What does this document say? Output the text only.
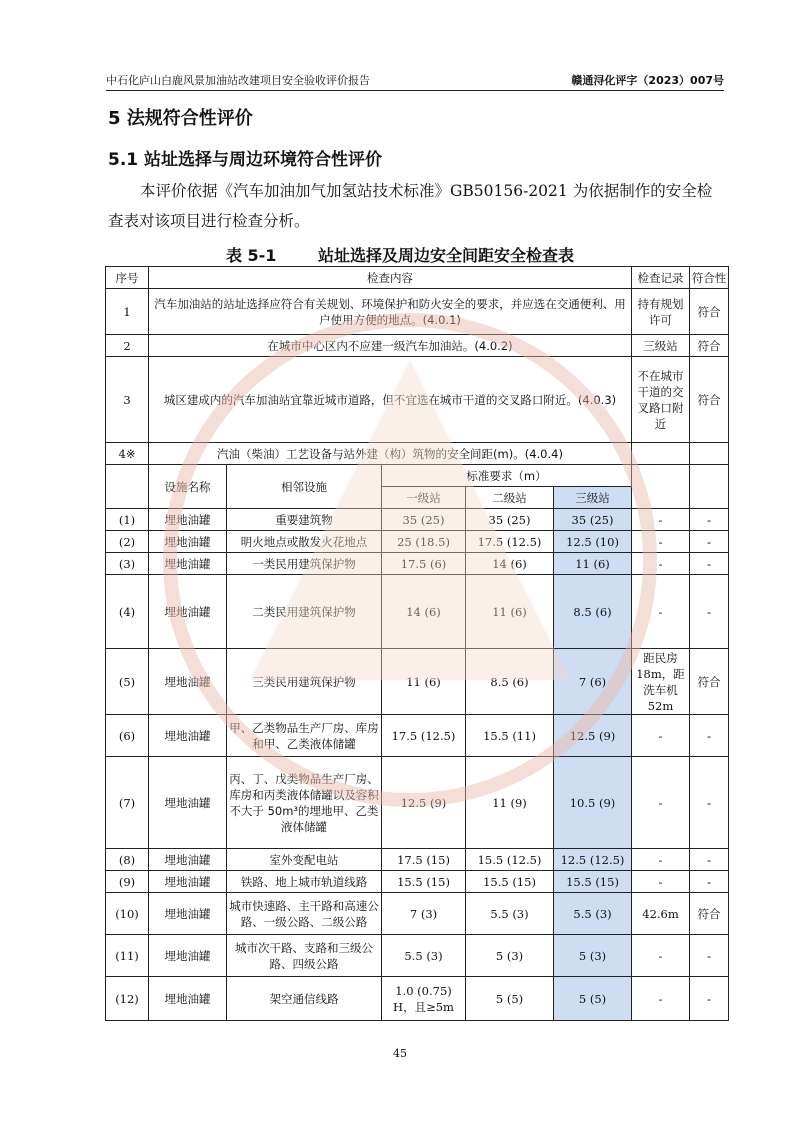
中石化庐山白鹿风景加油站改建项目安全验收评价报告	赣通浔化评字（2023）007号
5 法规符合性评价
5.1 站址选择与周边环境符合性评价
本评价依据《汽车加油加气加氢站技术标准》GB50156-2021 为依据制作的安全检查表对该项目进行检查分析。
表 5-1	站址选择及周边安全间距安全检查表
序号	检查内容					检查记录	符合性
1	汽车加油站的站址选择应符合有关规划、环境保护和防火安全的要求，并应选在交通便利、用户使用方便的地点。(4.0.1)					持有规划许可	符合
2	在城市中心区内不应建一级汽车加油站。(4.0.2)					三级站	符合
3	城区建成内的汽车加油站宜靠近城市道路，但不宜选在城市干道的交叉路口附近。(4.0.3)					不在城市干道的交叉路口附近	符合
4※	汽油（柴油）工艺设备与站外建（构）筑物的安全间距(m)。(4.0.4)						
	设施名称	相邻设施	标准要求（m）				
			一级站	二级站	三级站		
(1)	埋地油罐	重要建筑物	35 (25)	35 (25)	35 (25)	-	-
(2)	埋地油罐	明火地点或散发火花地点	25 (18.5)	17.5 (12.5)	12.5 (10)	-	-
(3)	埋地油罐	一类民用建筑保护物	17.5 (6)	14 (6)	11 (6)	-	-
(4)	埋地油罐	二类民用建筑保护物	14 (6)	11 (6)	8.5 (6)	-	-
(5)	埋地油罐	三类民用建筑保护物	11 (6)	8.5 (6)	7 (6)	距民房18m，距洗车机52m	符合
(6)	埋地油罐	甲、乙类物品生产厂房、库房和甲、乙类液体储罐	17.5 (12.5)	15.5 (11)	12.5 (9)	-	-
(7)	埋地油罐	丙、丁、戊类物品生产厂房、库房和丙类液体储罐以及容积不大于 50m³的埋地甲、乙类液体储罐	12.5 (9)	11 (9)	10.5 (9)	-	-
(8)	埋地油罐	室外变配电站	17.5 (15)	15.5 (12.5)	12.5 (12.5)	-	-
(9)	埋地油罐	铁路、地上城市轨道线路	15.5 (15)	15.5 (15)	15.5 (15)	-	-
(10)	埋地油罐	城市快速路、主干路和高速公路、一级公路、二级公路	7 (3)	5.5 (3)	5.5 (3)	42.6m	符合
(11)	埋地油罐	城市次干路、支路和三级公路、四级公路	5.5 (3)	5 (3)	5 (3)	-	-
(12)	埋地油罐	架空通信线路	1.0 (0.75) H，且≥5m	5 (5)	5 (5)	-	-
45
